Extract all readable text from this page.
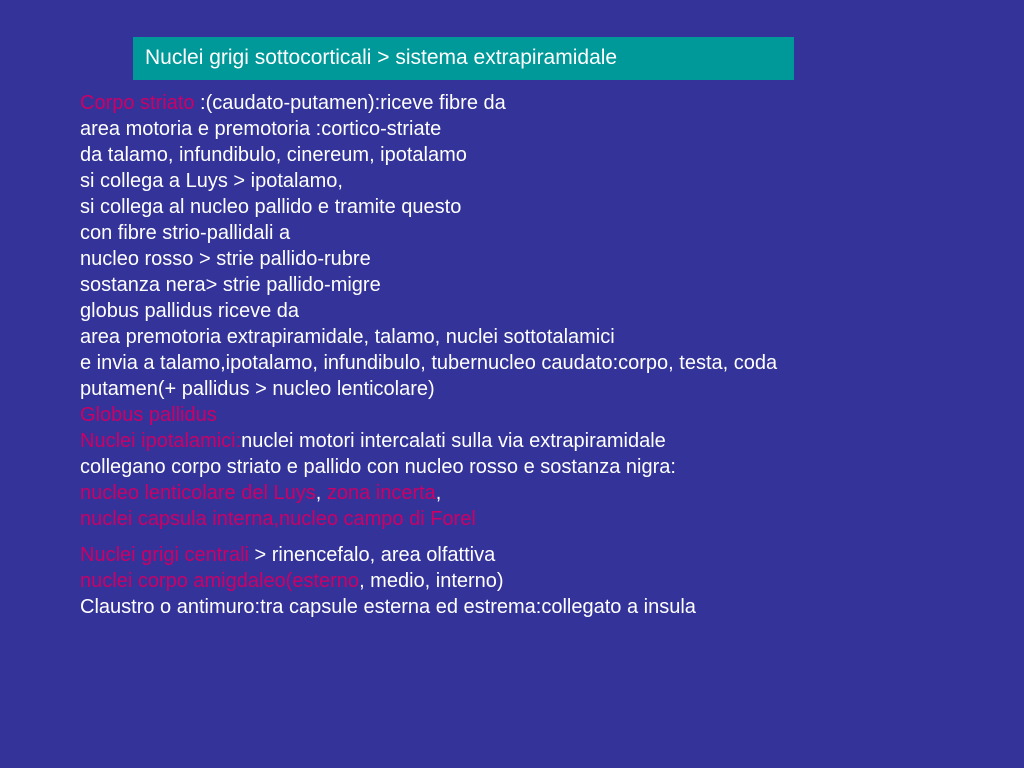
Nuclei grigi sottocorticali > sistema extrapiramidale
Corpo striato :(caudato-putamen):riceve fibre da
area motoria e premotoria :cortico-striate
da talamo, infundibulo, cinereum, ipotalamo
si collega a Luys > ipotalamo,
si collega al nucleo pallido e tramite questo
con fibre strio-pallidali a
nucleo rosso > strie pallido-rubre
sostanza nera> strie pallido-migre
globus pallidus riceve da
area premotoria extrapiramidale, talamo, nuclei sottotalamici
e invia a talamo,ipotalamo, infundibulo, tubernucleo caudato:corpo, testa, coda
putamen(+ pallidus > nucleo lenticolare)
Globus pallidus
Nuclei ipotalamici:nuclei motori intercalati sulla via extrapiramidale
collegano corpo striato e pallido con nucleo rosso e sostanza nigra:
nucleo lenticolare del Luys, zona incerta,
nuclei capsula interna,nucleo campo di Forel
Nuclei grigi centrali > rinencefalo, area olfattiva
nuclei corpo amigdaleo(esterno, medio, interno)
Claustro o antimuro:tra capsule esterna ed estrema:collegato a insula
